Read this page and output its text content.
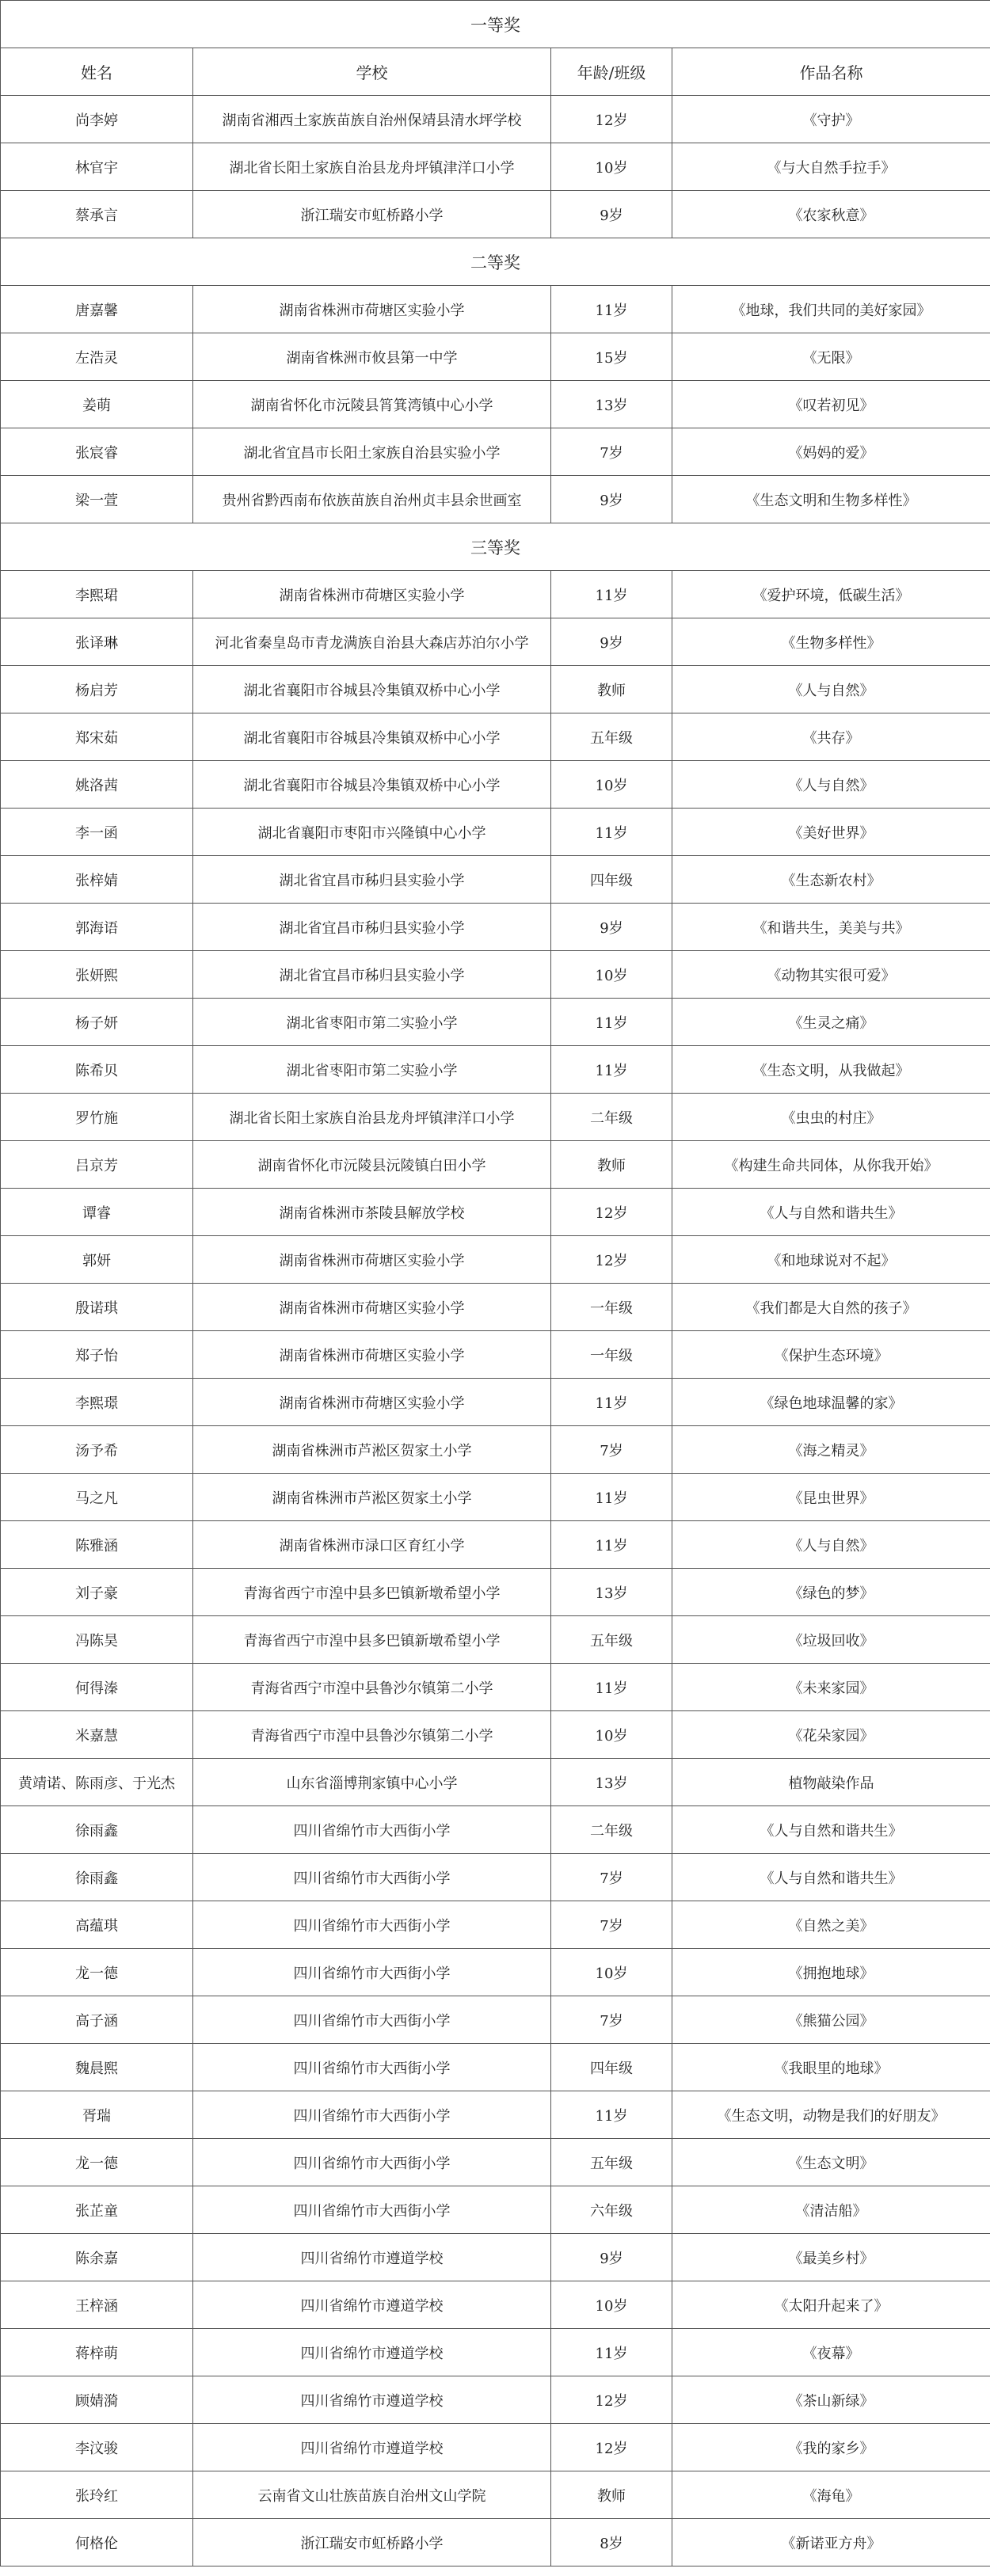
一等奖			
姓名	学校	年龄/班级	作品名称
尚李婷	湖南省湘西土家族苗族自治州保靖县清水坪学校	12岁	《守护》
林官宇	湖北省长阳土家族自治县龙舟坪镇津洋口小学	10岁	《与大自然手拉手》
蔡承言	浙江瑞安市虹桥路小学	9岁	《农家秋意》
二等奖			
唐嘉馨	湖南省株洲市荷塘区实验小学	11岁	《地球，我们共同的美好家园》
左浩灵	湖南省株洲市攸县第一中学	15岁	《无限》
姜萌	湖南省怀化市沅陵县筲箕湾镇中心小学	13岁	《叹若初见》
张宸睿	湖北省宜昌市长阳土家族自治县实验小学	7岁	《妈妈的爱》
梁一萱	贵州省黔西南布依族苗族自治州贞丰县余世画室	9岁	《生态文明和生物多样性》
三等奖			
李熙珺	湖南省株洲市荷塘区实验小学	11岁	《爱护环境，低碳生活》
张译琳	河北省秦皇岛市青龙满族自治县大森店苏泊尔小学	9岁	《生物多样性》
杨启芳	湖北省襄阳市谷城县冷集镇双桥中心小学	教师	《人与自然》
郑宋茹	湖北省襄阳市谷城县冷集镇双桥中心小学	五年级	《共存》
姚洛茜	湖北省襄阳市谷城县冷集镇双桥中心小学	10岁	《人与自然》
李一函	湖北省襄阳市枣阳市兴隆镇中心小学	11岁	《美好世界》
张梓婧	湖北省宜昌市秭归县实验小学	四年级	《生态新农村》
郭海语	湖北省宜昌市秭归县实验小学	9岁	《和谐共生，美美与共》
张妍熙	湖北省宜昌市秭归县实验小学	10岁	《动物其实很可爱》
杨子妍	湖北省枣阳市第二实验小学	11岁	《生灵之痛》
陈希贝	湖北省枣阳市第二实验小学	11岁	《生态文明，从我做起》
罗竹施	湖北省长阳土家族自治县龙舟坪镇津洋口小学	二年级	《虫虫的村庄》
吕京芳	湖南省怀化市沅陵县沅陵镇白田小学	教师	《构建生命共同体，从你我开始》
谭睿	湖南省株洲市茶陵县解放学校	12岁	《人与自然和谐共生》
郭妍	湖南省株洲市荷塘区实验小学	12岁	《和地球说对不起》
殷诺琪	湖南省株洲市荷塘区实验小学	一年级	《我们都是大自然的孩子》
郑子怡	湖南省株洲市荷塘区实验小学	一年级	《保护生态环境》
李熙璟	湖南省株洲市荷塘区实验小学	11岁	《绿色地球温馨的家》
汤予希	湖南省株洲市芦淞区贺家土小学	7岁	《海之精灵》
马之凡	湖南省株洲市芦淞区贺家土小学	11岁	《昆虫世界》
陈雅涵	湖南省株洲市渌口区育红小学	11岁	《人与自然》
刘子豪	青海省西宁市湟中县多巴镇新墩希望小学	13岁	《绿色的梦》
冯陈昊	青海省西宁市湟中县多巴镇新墩希望小学	五年级	《垃圾回收》
何得溱	青海省西宁市湟中县鲁沙尔镇第二小学	11岁	《未来家园》
米嘉慧	青海省西宁市湟中县鲁沙尔镇第二小学	10岁	《花朵家园》
黄靖诺、陈雨彦、于光杰	山东省淄博荆家镇中心小学	13岁	植物敲染作品
徐雨鑫	四川省绵竹市大西街小学	二年级	《人与自然和谐共生》
徐雨鑫	四川省绵竹市大西街小学	7岁	《人与自然和谐共生》
高蕴琪	四川省绵竹市大西街小学	7岁	《自然之美》
龙一德	四川省绵竹市大西街小学	10岁	《拥抱地球》
高子涵	四川省绵竹市大西街小学	7岁	《熊猫公园》
魏晨熙	四川省绵竹市大西街小学	四年级	《我眼里的地球》
胥瑞	四川省绵竹市大西街小学	11岁	《生态文明，动物是我们的好朋友》
龙一德	四川省绵竹市大西街小学	五年级	《生态文明》
张芷童	四川省绵竹市大西街小学	六年级	《清洁船》
陈余嘉	四川省绵竹市遵道学校	9岁	《最美乡村》
王梓涵	四川省绵竹市遵道学校	10岁	《太阳升起来了》
蒋梓萌	四川省绵竹市遵道学校	11岁	《夜幕》
顾婧漪	四川省绵竹市遵道学校	12岁	《茶山新绿》
李汶骏	四川省绵竹市遵道学校	12岁	《我的家乡》
张玲红	云南省文山壮族苗族自治州文山学院	教师	《海龟》
何格伦	浙江瑞安市虹桥路小学	8岁	《新诺亚方舟》
